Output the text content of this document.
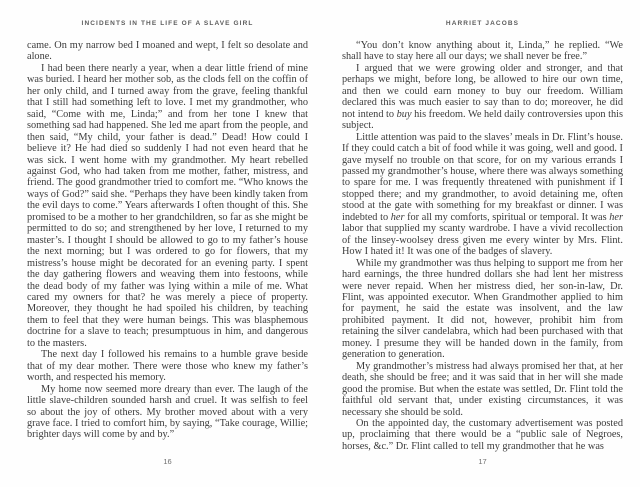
INCIDENTS IN THE LIFE OF A SLAVE GIRL

came. On my narrow bed I moaned and wept, I felt so desolate and alone.

I had been there nearly a year, when a dear little friend of mine was buried. I heard her mother sob, as the clods fell on the coffin of her only child, and I turned away from the grave, feeling thankful that I still had something left to love. I met my grandmother, who said, “Come with me, Linda;” and from her tone I knew that something sad had happened. She led me apart from the people, and then said, “My child, your father is dead.” Dead! How could I believe it? He had died so suddenly I had not even heard that he was sick. I went home with my grandmother. My heart rebelled against God, who had taken from me mother, father, mistress, and friend. The good grandmother tried to comfort me. “Who knows the ways of God?” said she. “Perhaps they have been kindly taken from the evil days to come.” Years afterwards I often thought of this. She promised to be a mother to her grandchildren, so far as she might be permitted to do so; and strengthened by her love, I returned to my master’s. I thought I should be allowed to go to my father’s house the next morning; but I was ordered to go for flowers, that my mistress’s house might be decorated for an evening party. I spent the day gathering flowers and weaving them into festoons, while the dead body of my father was lying within a mile of me. What cared my owners for that? he was merely a piece of property. Moreover, they thought he had spoiled his children, by teaching them to feel that they were human beings. This was blasphemous doctrine for a slave to teach; presumptuous in him, and dangerous to the masters.

The next day I followed his remains to a humble grave beside that of my dear mother. There were those who knew my father’s worth, and respected his memory.

My home now seemed more dreary than ever. The laugh of the little slave-children sounded harsh and cruel. It was selfish to feel so about the joy of others. My brother moved about with a very grave face. I tried to comfort him, by saying, “Take courage, Willie; brighter days will come by and by.”

16
HARRIET JACOBS

“You don’t know anything about it, Linda,” he replied. “We shall have to stay here all our days; we shall never be free.”

I argued that we were growing older and stronger, and that perhaps we might, before long, be allowed to hire our own time, and then we could earn money to buy our freedom. William declared this was much easier to say than to do; moreover, he did not intend to buy his freedom. We held daily controversies upon this subject.

Little attention was paid to the slaves’ meals in Dr. Flint’s house. If they could catch a bit of food while it was going, well and good. I gave myself no trouble on that score, for on my various errands I passed my grandmother’s house, where there was always something to spare for me. I was frequently threatened with punishment if I stopped there; and my grandmother, to avoid detaining me, often stood at the gate with something for my breakfast or dinner. I was indebted to her for all my comforts, spiritual or temporal. It was her labor that supplied my scanty wardrobe. I have a vivid recollection of the linsey-woolsey dress given me every winter by Mrs. Flint. How I hated it! It was one of the badges of slavery.

While my grandmother was thus helping to support me from her hard earnings, the three hundred dollars she had lent her mistress were never repaid. When her mistress died, her son-in-law, Dr. Flint, was appointed executor. When Grandmother applied to him for payment, he said the estate was insolvent, and the law prohibited payment. It did not, however, prohibit him from retaining the silver candelabra, which had been purchased with that money. I presume they will be handed down in the family, from generation to generation.

My grandmother’s mistress had always promised her that, at her death, she should be free; and it was said that in her will she made good the promise. But when the estate was settled, Dr. Flint told the faithful old servant that, under existing circumstances, it was necessary she should be sold.

On the appointed day, the customary advertisement was posted up, proclaiming that there would be a “public sale of Negroes, horses, &c.” Dr. Flint called to tell my grandmother that he was

17
